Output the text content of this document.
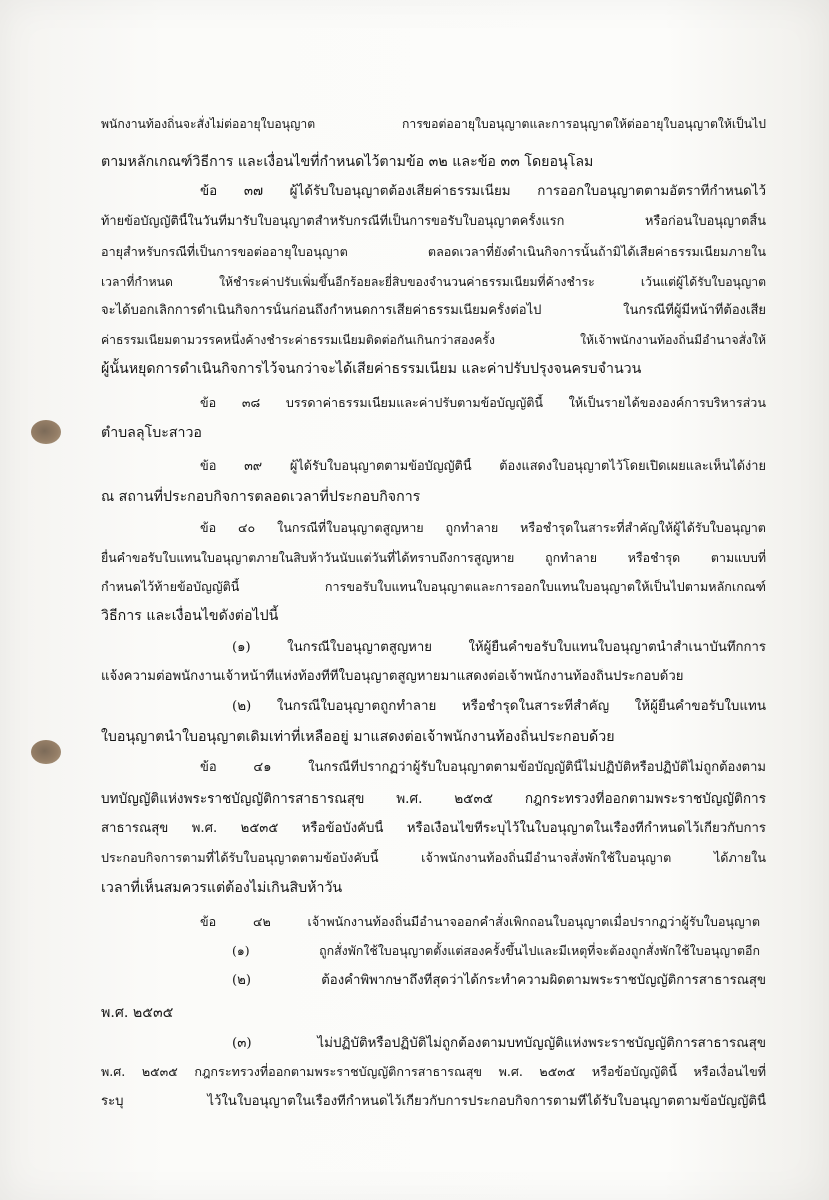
พนักงานท้องถิ่นจะสั่งไม่ต่ออายุใบอนุญาต การขอต่ออายุใบอนุญาตและการอนุญาตให้ต่ออายุใบอนุญาตให้เป็นไป
ตามหลักเกณฑ์วิธีการ และเงื่อนไขที่กำหนดไว้ตามข้อ ๓๒ และข้อ ๓๓ โดยอนุโลม
ข้อ ๓๗ ผู้ได้รับใบอนุญาตต้องเสียค่าธรรมเนียม การออกใบอนุญาตตามอัตราที่กำหนดไว้
ท้ายข้อบัญญัตินี้ในวันที่มารับใบอนุญาตสำหรับกรณีที่เป็นการขอรับใบอนุญาตครั้งแรก หรือก่อนใบอนุญาตสิ้น
อายุสำหรับกรณีที่เป็นการขอต่ออายุใบอนุญาต ตลอดเวลาที่ยังดำเนินกิจการนั้นถ้ามิได้เสียค่าธรรมเนียมภายใน
เวลาที่กำหนด ให้ชำระค่าปรับเพิ่มขึ้นอีกร้อยละยี่สิบของจำนวนค่าธรรมเนียมที่ค้างชำระ เว้นแต่ผู้ได้รับใบอนุญาต
จะได้บอกเลิกการดำเนินกิจการนั้นก่อนถึงกำหนดการเสียค่าธรรมเนียมครั้งต่อไป ในกรณีที่ผู้มีหน้าที่ต้องเสีย
ค่าธรรมเนียมตามวรรคหนึ่งค้างชำระค่าธรรมเนียมติดต่อกันเกินกว่าสองครั้ง ให้เจ้าพนักงานท้องถิ่นมีอำนาจสั่งให้
ผู้นั้นหยุดการดำเนินกิจการไว้จนกว่าจะได้เสียค่าธรรมเนียม และค่าปรับปรุงจนครบจำนวน
ข้อ ๓๘ บรรดาค่าธรรมเนียมและค่าปรับตามข้อบัญญัตินี้ ให้เป็นรายได้ขององค์การบริหารส่วน
ตำบลลุโบะสาวอ
ข้อ ๓๙ ผู้ได้รับใบอนุญาตตามข้อบัญญัตินี้ ต้องแสดงใบอนุญาตไว้โดยเปิดเผยและเห็นได้ง่าย
ณ สถานที่ประกอบกิจการตลอดเวลาที่ประกอบกิจการ
ข้อ ๔๐ ในกรณีที่ใบอนุญาตสูญหาย ถูกทำลาย หรือชำรุดในสาระที่สำคัญให้ผู้ได้รับใบอนุญาต
ยื่นคำขอรับใบแทนใบอนุญาตภายในสิบห้าวันนับแต่วันที่ได้ทราบถึงการสูญหาย ถูกทำลาย หรือชำรุด ตามแบบที่
กำหนดไว้ท้ายข้อบัญญัตินี้ การขอรับใบแทนใบอนุญาตและการออกใบแทนใบอนุญาตให้เป็นไปตามหลักเกณฑ์
วิธีการ และเงื่อนไขดังต่อไปนี้
(๑) ในกรณีใบอนุญาตสูญหาย ให้ผู้ยื่นคำขอรับใบแทนใบอนุญาตนำสำเนาบันทึกการ
แจ้งความต่อพนักงานเจ้าหน้าที่แห่งท้องที่ที่ใบอนุญาตสูญหายมาแสดงต่อเจ้าพนักงานท้องถิ่นประกอบด้วย
(๒) ในกรณีใบอนุญาตถูกทำลาย หรือชำรุดในสาระที่สำคัญ ให้ผู้ยื่นคำขอรับใบแทน
ใบอนุญาตนำใบอนุญาตเดิมเท่าที่เหลืออยู่ มาแสดงต่อเจ้าพนักงานท้องถิ่นประกอบด้วย
ข้อ ๔๑ ในกรณีที่ปรากฏว่าผู้รับใบอนุญาตตามข้อบัญญัตินี้ไม่ปฏิบัติหรือปฏิบัติไม่ถูกต้องตาม
บทบัญญัติแห่งพระราชบัญญัติการสาธารณสุข พ.ศ. ๒๕๓๕ กฎกระทรวงที่ออกตามพระราชบัญญัติการ
สาธารณสุข พ.ศ. ๒๕๓๕ หรือข้อบังคับนี้ หรือเงื่อนไขที่ระบุไว้ในใบอนุญาตในเรื่องที่กำหนดไว้เกี่ยวกับการ
ประกอบกิจการตามที่ได้รับใบอนุญาตตามข้อบังคับนี้ เจ้าพนักงานท้องถิ่นมีอำนาจสั่งพักใช้ใบอนุญาต ได้ภายใน
เวลาที่เห็นสมควรแต่ต้องไม่เกินสิบห้าวัน
ข้อ ๔๒ เจ้าพนักงานท้องถิ่นมีอำนาจออกคำสั่งเพิกถอนใบอนุญาตเมื่อปรากฏว่าผู้รับใบอนุญาต
(๑) ถูกสั่งพักใช้ใบอนุญาตตั้งแต่สองครั้งขึ้นไปและมีเหตุที่จะต้องถูกสั่งพักใช้ใบอนุญาตอีก
(๒) ต้องคำพิพากษาถึงที่สุดว่าได้กระทำความผิดตามพระราชบัญญัติการสาธารณสุข
พ.ศ. ๒๕๓๕
(๓) ไม่ปฏิบัติหรือปฏิบัติไม่ถูกต้องตามบทบัญญัติแห่งพระราชบัญญัติการสาธารณสุข
พ.ศ. ๒๕๓๕ กฎกระทรวงที่ออกตามพระราชบัญญัติการสาธารณสุข พ.ศ. ๒๕๓๕ หรือข้อบัญญัตินี้ หรือเงื่อนไขที่
ระบุ ไว้ในใบอนุญาตในเรื่องที่กำหนดไว้เกี่ยวกับการประกอบกิจการตามที่ได้รับใบอนุญาตตามข้อบัญญัตินี้
